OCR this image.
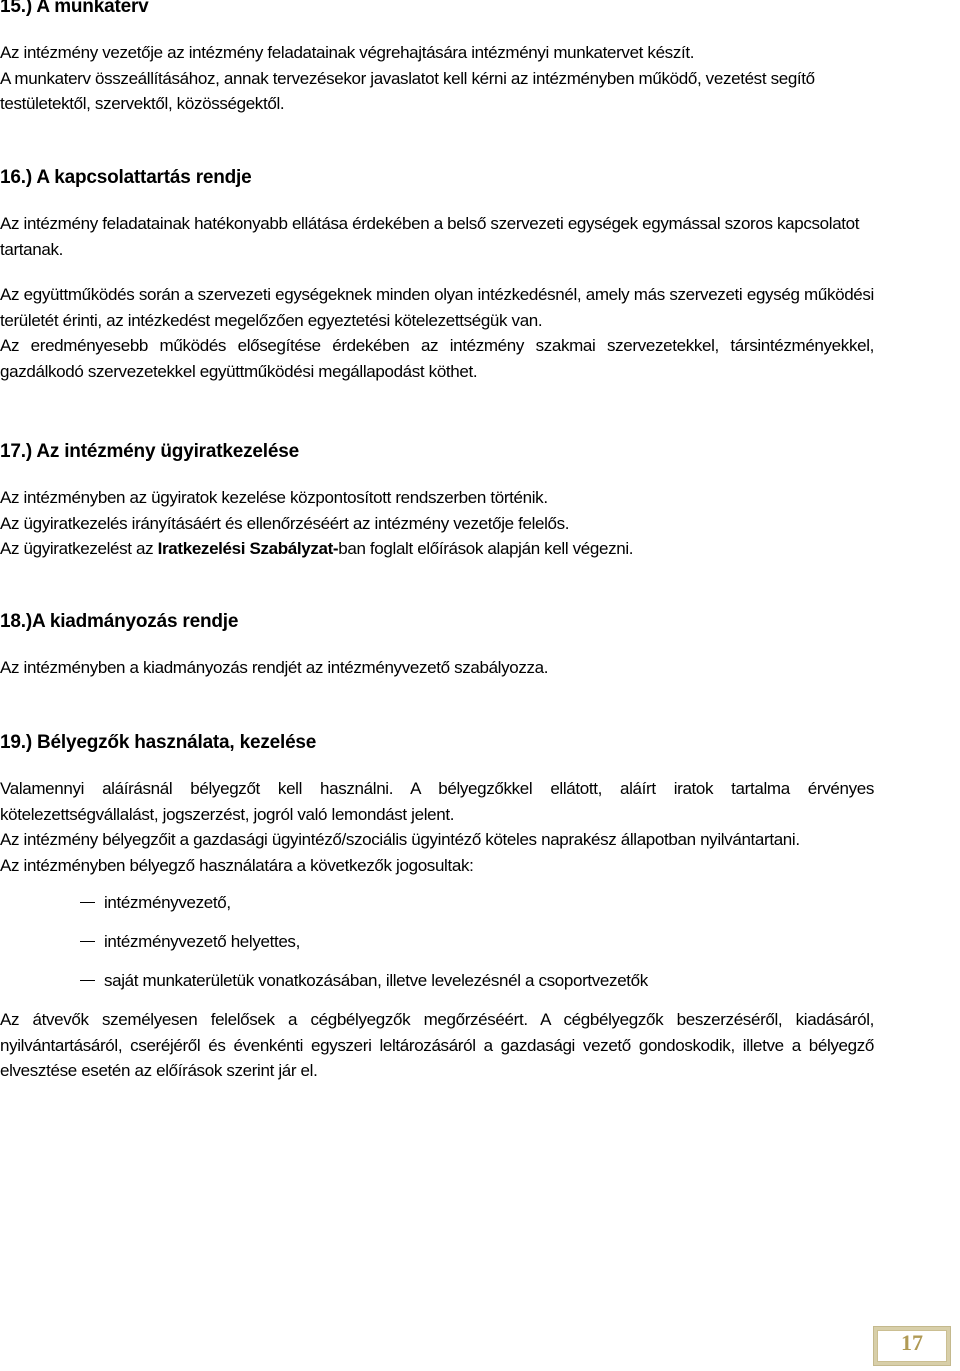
15.) A munkaterv

Az intézmény vezetője az intézmény feladatainak végrehajtására intézményi munkatervet készít.

A munkaterv összeállításához, annak tervezésekor javaslatot kell kérni az intézményben működő, vezetést segítő testületektől, szervektől, közösségektől.

16.) A kapcsolattartás rendje

Az intézmény feladatainak hatékonyabb ellátása érdekében a belső szervezeti egységek egymással szoros kapcsolatot tartanak.

Az együttműködés során a szervezeti egységeknek minden olyan intézkedésnél, amely más szervezeti egység működési területét érinti, az intézkedést megelőzően egyeztetési kötelezettségük van.

Az eredményesebb működés elősegítése érdekében az intézmény szakmai szervezetekkel, társintézményekkel, gazdálkodó szervezetekkel együttműködési megállapodást köthet.

17.) Az intézmény ügyiratkezelése

Az intézményben az ügyiratok kezelése központosított rendszerben történik.

Az ügyiratkezelés irányításáért és ellenőrzéséért az intézmény vezetője felelős.

Az ügyiratkezelést az Iratkezelési Szabályzat-ban foglalt előírások alapján kell végezni.

18.)A kiadmányozás rendje

Az intézményben a kiadmányozás rendjét az intézményvezető szabályozza.

19.) Bélyegzők használata, kezelése

Valamennyi aláírásnál bélyegzőt kell használni. A bélyegzőkkel ellátott, aláírt iratok tartalma érvényes kötelezettségvállalást, jogszerzést, jogról való lemondást jelent.

Az intézmény bélyegzőit a gazdasági ügyintéző/szociális ügyintéző köteles naprakész állapotban nyilvántartani.

Az intézményben bélyegző használatára a következők jogosultak:

intézményvezető,
intézményvezető helyettes,
saját munkaterületük vonatkozásában, illetve levelezésnél a csoportvezetők

Az átvevők személyesen felelősek a cégbélyegzők megőrzéséért. A cégbélyegzők beszerzéséről, kiadásáról, nyilvántartásáról, cseréjéről és évenkénti egyszeri leltározásáról a gazdasági vezető gondoskodik, illetve a bélyegző elvesztése esetén az előírások szerint jár el.

17
